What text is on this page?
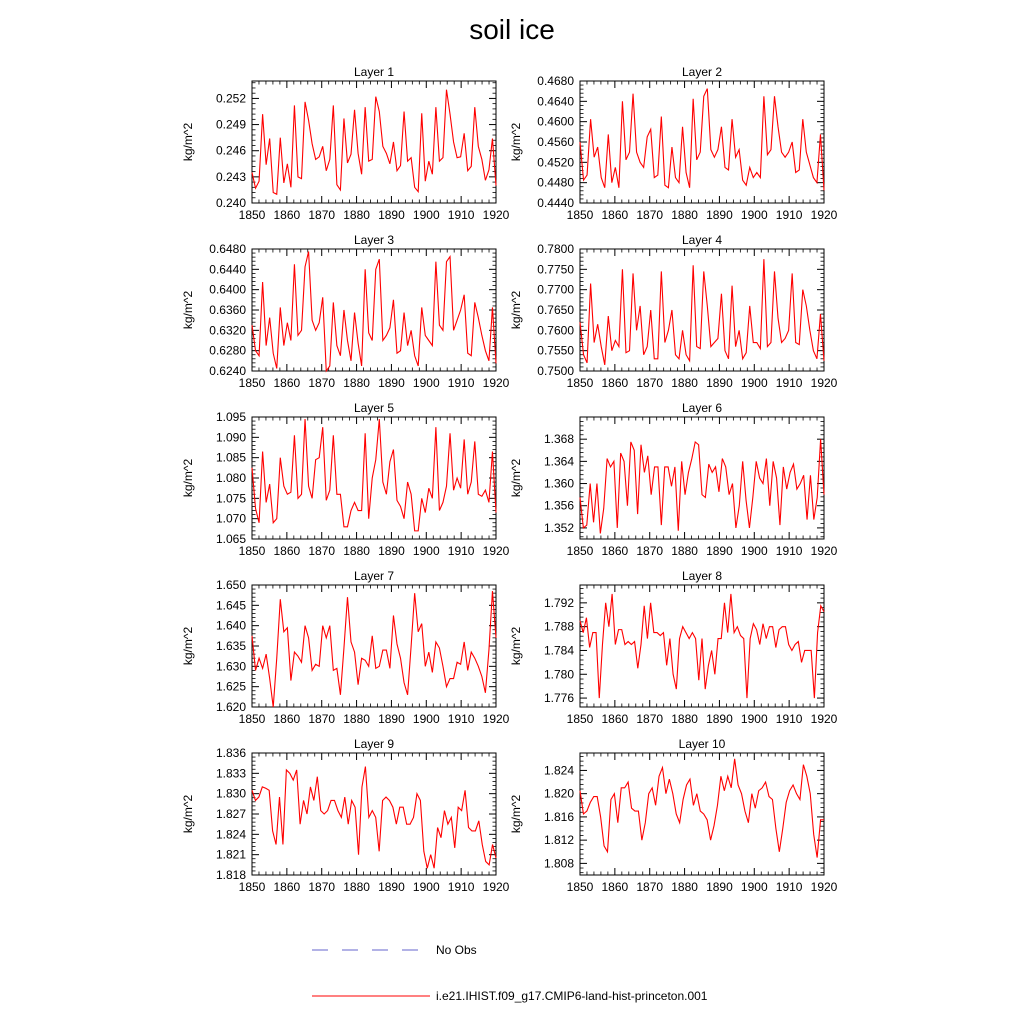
soil ice
Layer 1
kg/m^2
1850 1860 1870 1880 1890 1900 1910 1920
0.240
0.243
0.246
0.249
0.252
Layer 2
kg/m^2
1850 1860 1870 1880 1890 1900 1910 1920
0.4440
0.4480
0.4520
0.4560
0.4600
0.4640
0.4680
Layer 3
kg/m^2
1850 1860 1870 1880 1890 1900 1910 1920
0.6240
0.6280
0.6320
0.6360
0.6400
0.6440
0.6480
Layer 4
kg/m^2
1850 1860 1870 1880 1890 1900 1910 1920
0.7500
0.7550
0.7600
0.7650
0.7700
0.7750
0.7800
Layer 5
kg/m^2
1850 1860 1870 1880 1890 1900 1910 1920
1.065
1.070
1.075
1.080
1.085
1.090
1.095
Layer 6
kg/m^2
1850 1860 1870 1880 1890 1900 1910 1920
1.352
1.356
1.360
1.364
1.368
Layer 7
kg/m^2
1850 1860 1870 1880 1890 1900 1910 1920
1.620
1.625
1.630
1.635
1.640
1.645
1.650
Layer 8
kg/m^2
1850 1860 1870 1880 1890 1900 1910 1920
1.776
1.780
1.784
1.788
1.792
Layer 9
kg/m^2
1850 1860 1870 1880 1890 1900 1910 1920
1.818
1.821
1.824
1.827
1.830
1.833
1.836
Layer 10
kg/m^2
1850 1860 1870 1880 1890 1900 1910 1920
1.808
1.812
1.816
1.820
1.824
No Obs
i.e21.IHIST.f09_g17.CMIP6-land-hist-princeton.001
